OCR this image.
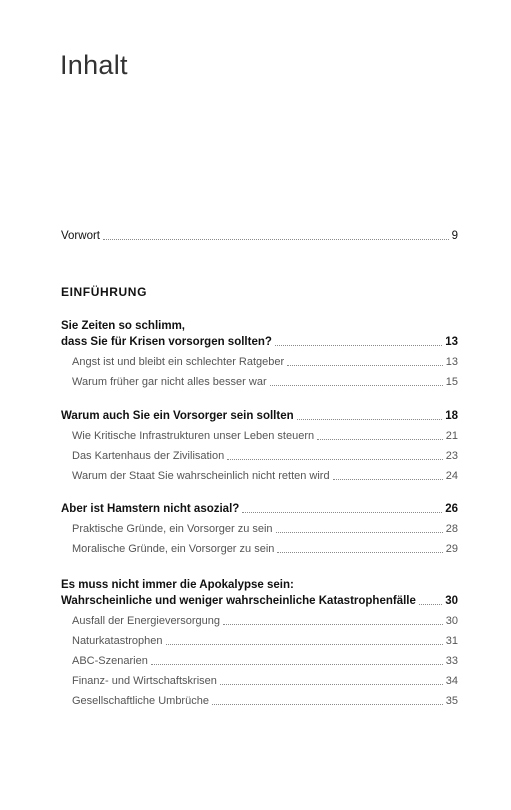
Inhalt
Vorwort	9
EINFÜHRUNG
Sie Zeiten so schlimm,
dass Sie für Krisen vorsorgen sollten?	13
Angst ist und bleibt ein schlechter Ratgeber	13
Warum früher gar nicht alles besser war	15
Warum auch Sie ein Vorsorger sein sollten	18
Wie Kritische Infrastrukturen unser Leben steuern	21
Das Kartenhaus der Zivilisation	23
Warum der Staat Sie wahrscheinlich nicht retten wird	24
Aber ist Hamstern nicht asozial?	26
Praktische Gründe, ein Vorsorger zu sein	28
Moralische Gründe, ein Vorsorger zu sein	29
Es muss nicht immer die Apokalypse sein:
Wahrscheinliche und weniger wahrscheinliche Katastrophenfälle	30
Ausfall der Energieversorgung	30
Naturkatastrophen	31
ABC-Szenarien	33
Finanz- und Wirtschaftskrisen	34
Gesellschaftliche Umbrüche	35
